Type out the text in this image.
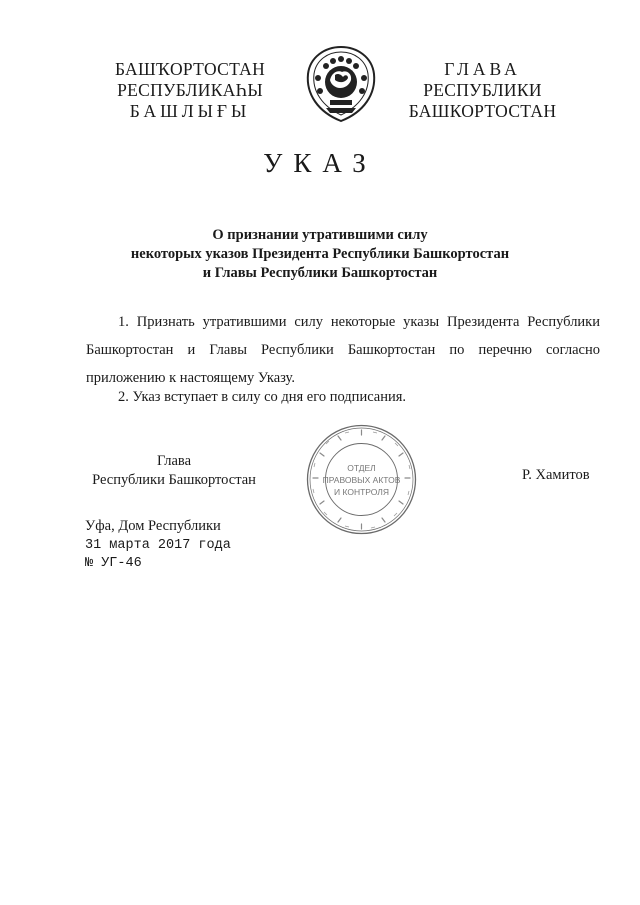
БАШҠОРТОСТАН
РЕСПУБЛИКАҺЫ
БАШЛЫҒЫ
ГЛАВА
РЕСПУБЛИКИ
БАШКОРТОСТАН
УКАЗ
О признании утратившими силу
некоторых указов Президента Республики Башкортостан
и Главы Республики Башкортостан
1. Признать утратившими силу некоторые указы Президента Республики Башкортостан и Главы Республики Башкортостан по перечню согласно приложению к настоящему Указу.
2. Указ вступает в силу со дня его подписания.
Глава
Республики Башкортостан
ОТДЕЛ
ПРАВОВЫХ АКТОВ
И КОНТРОЛЯ
Р. Хамитов
Уфа, Дом Республики
31 марта 2017 года
№ УГ-46
